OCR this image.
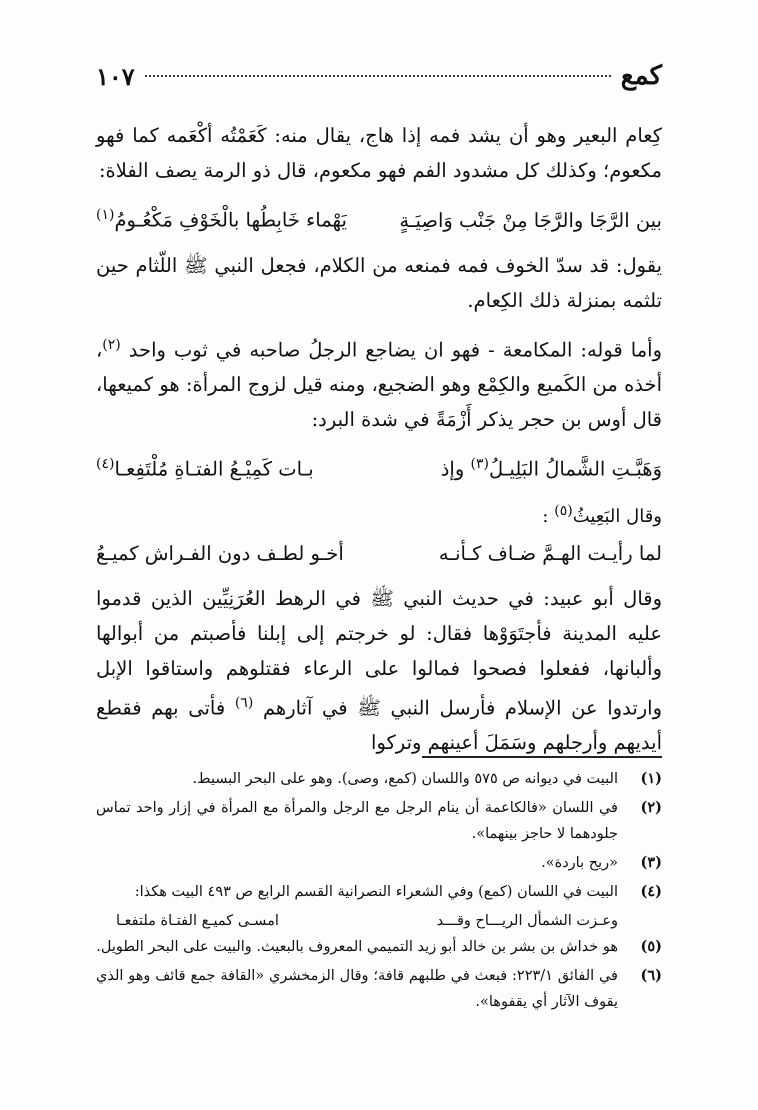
كمع
١٠٧

كِعام البعير وهو أن يشد فمه إذا هاج، يقال منه: كَعَمْتُه أكْعَمه كما فهو مكعوم؛ وكذلك كل مشدود الفم فهو مكعوم، قال ذو الرمة يصف الفلاة:

بين الرَّجَا والرَّجَا مِنْ جَنْب وَاصِيَـةٍ
يَهْماء خَابِطُها بالْخَوْفِ مَكْعُـومُ$^{(١)}$

يقول: قد سدّ الخوف فمه فمنعه من الكلام، فجعل النبي ﷺ اللّثام حين تلثمه بمنزلة ذلك الكِعام.

وأما قوله: المكامعة - فهو ان يضاجع الرجلُ صاحبه في ثوب واحد $^{(٢)}$، أخذه من الكَميع والكِمْع وهو الضجيع، ومنه قيل لزوج المرأة: هو كميعها، قال أوس بن حجر يذكر أَزْمَةً في شدة البرد:

وَهَبَّـتِ الشَّمالُ البَلِيـلُ$^{(٣)}$ وإذ
بـات كَمِيْـعُ الفتـاةِ مُلْتَفِعـا$^{(٤)}$

وقال البَعِيثُ$^{(٥)}$ :

لما رأيـت الهـمَّ ضـاف كـأنـه
أخـو لطـف دون الفـراش كميـعُ

وقال أبو عبيد: في حديث النبي ﷺ في الرهط العُرَنِيِّين الذين قدموا عليه المدينة فأجتَوَوْها فقال: لو خرجتم إلى إبلنا فأصبتم من أبوالها وألبانها، ففعلوا فصحوا فمالوا على الرعاء فقتلوهم واستاقوا الإبل وارتدوا عن الإسلام فأرسل النبي ﷺ في آثارهم $^{(٦)}$ فأتى بهم فقطع أيديهم وأرجلهم وسَمَلَ أعينهم وتركوا

(١)
البيت في ديوانه ص ٥٧٥ واللسان (كمع، وصى). وهو على البحر البسيط.
(٢)
في اللسان «فالكاعمة أن ينام الرجل مع الرجل والمرأة مع المرأة في إزار واحد تماس جلودهما لا حاجز بينهما».
(٣)
«ريح باردة».
(٤)
البيت في اللسان (كمع) وفي الشعراء النصرانية القسم الرابع ص ٤٩٣ البيت هكذا:
وعـزت الشمأل الريـــاح وقـــد
امسـى كميـع الفتـاة ملتفعـا
(٥)
هو خداش بن بشر بن خالد أبو زيد التميمي المعروف بالبعيث. والبيت على البحر الطويل.
(٦)
في الفائق ٢٢٣/١: فبعث في طلبهم قافة؛ وقال الزمخشري «القافة جمع قائف وهو الذي يقوف الآثار أي يقفوها».
